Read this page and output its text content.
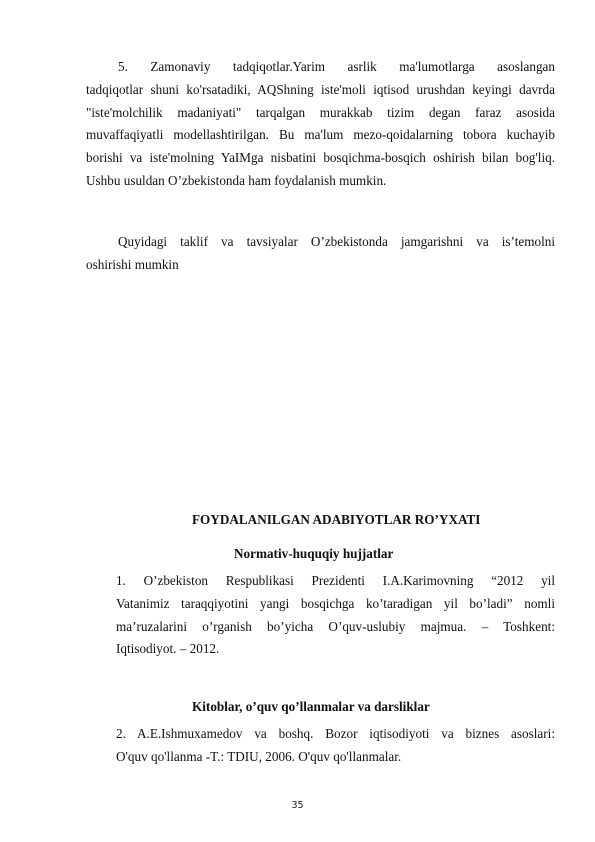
5. Zamonaviy tadqiqotlar.Yarim asrlik ma'lumotlarga asoslangan
tadqiqotlar shuni ko'rsatadiki, AQShning iste'moli iqtisod urushdan keyingi davrda
"iste'molchilik madaniyati" tarqalgan murakkab tizim degan faraz asosida
muvaffaqiyatli modellashtirilgan. Bu ma'lum mezo-qoidalarning tobora kuchayib
borishi va iste'molning YaIMga nisbatini bosqichma-bosqich oshirish bilan bog'liq.
Ushbu usuldan O’zbekistonda ham foydalanish mumkin.
Quyidagi taklif va tavsiyalar O’zbekistonda jamgarishni va is’temolni
oshirishi mumkin
FOYDALANILGAN ADABIYOTLAR RO’YXATI
Normativ-huquqiy hujjatlar
1. O’zbekiston Respublikasi Prezidenti I.A.Karimovning “2012 yil
Vatanimiz taraqqiyotini yangi bosqichga ko’taradigan yil bo’ladi” nomli
ma’ruzalarini o’rganish bo’yicha O’quv-uslubiy majmua. – Toshkent:
Iqtisodiyot. – 2012.
Kitoblar, o’quv qo’llanmalar va darsliklar
2. A.E.Ishmuxamedov va boshq. Bozor iqtisodiyoti va biznes asoslari:
O'quv qo'llanma -T.: TDIU, 2006. O'quv qo'llanmalar.
35
